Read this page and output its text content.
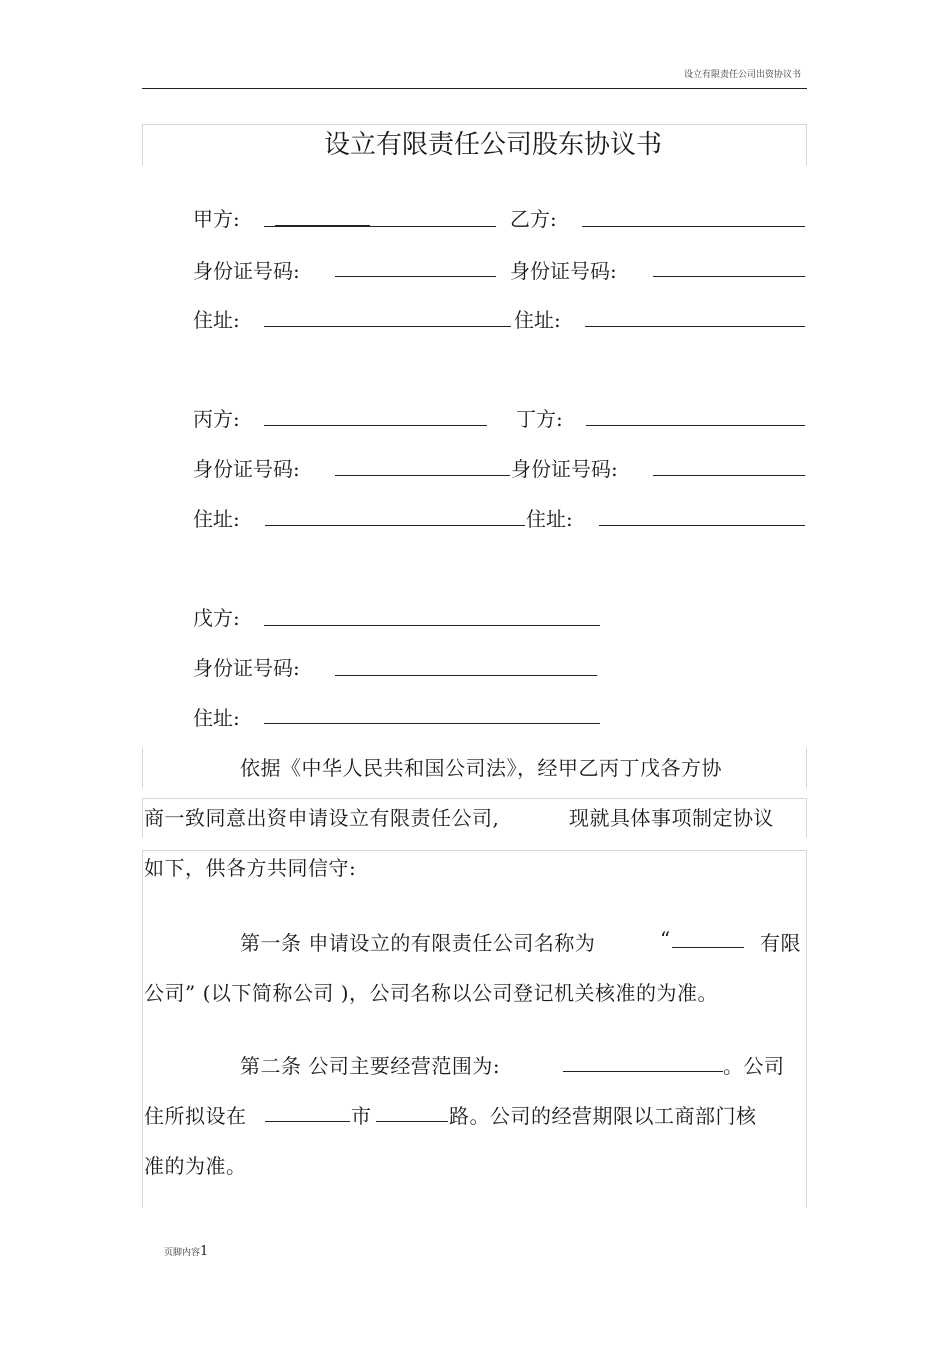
设立有限责任公司出资协议书
设立有限责任公司股东协议书
甲方:	乙方:
身份证号码:	身份证号码:
住址:	住址:
丙方:	丁方:
身份证号码:	身份证号码:
住址:	住址:
戊方:
身份证号码:
住址:
依据《中华人民共和国公司法》，经甲乙丙丁戊各方协
商一致同意出资申请设立有限责任公司,	现就具体事项制定协议
如下，供各方共同信守:
第一条 申请设立的有限责任公司名称为	“	有限
公司” (以下简称公司 )，公司名称以公司登记机关核准的为准。
第二条 公司主要经营范围为:	。公司
住所拟设在	市	路。公司的经营期限以工商部门核
准的为准。
页脚内容1
